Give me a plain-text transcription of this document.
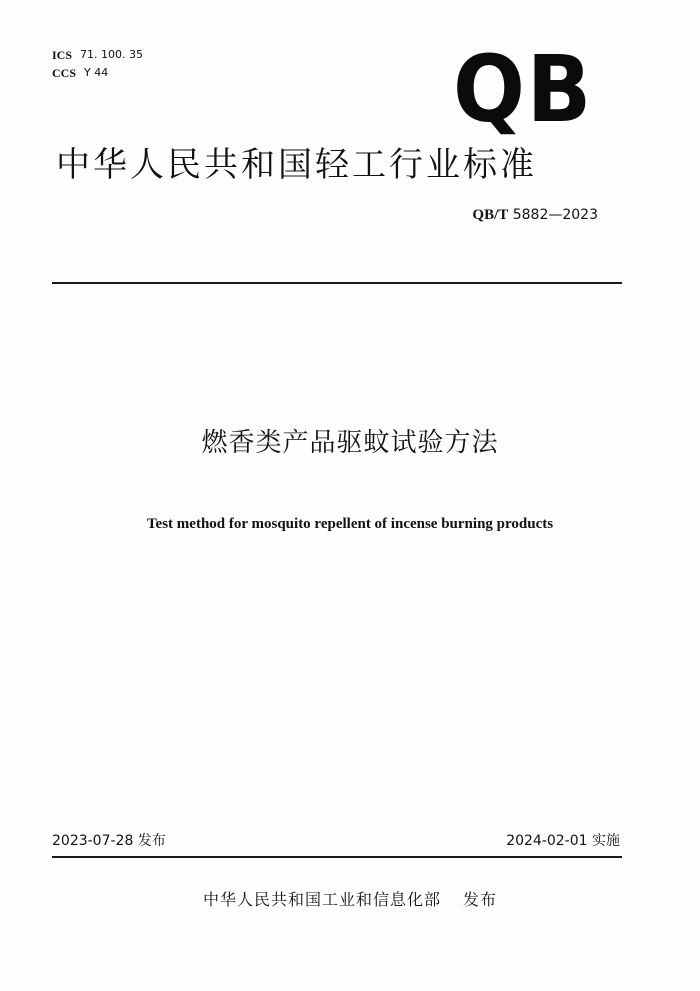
ICS 71. 100. 35
CCS Y 44	QB
中华人民共和国轻工行业标准
QB/T 5882—2023
燃香类产品驱蚊试验方法
Test method for mosquito repellent of incense burning products
2023-07-28 发布	2024-02-01 实施
中华人民共和国工业和信息化部 发布
